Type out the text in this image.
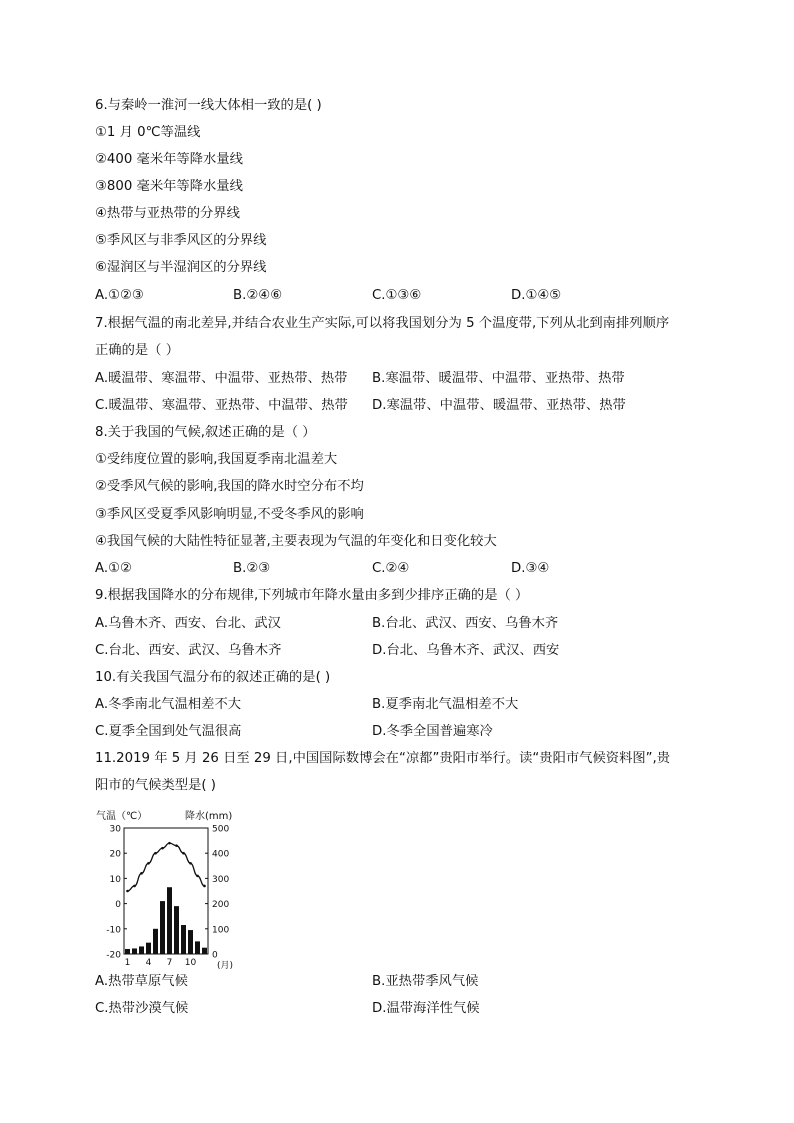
6.与秦岭一淮河一线大体相一致的是( )
①1 月 0℃等温线
②400 毫米年等降水量线
③800 毫米年等降水量线
④热带与亚热带的分界线
⑤季风区与非季风区的分界线
⑥湿润区与半湿润区的分界线
A.①②③	B.②④⑥	C.①③⑥	D.①④⑤
7.根据气温的南北差异,并结合农业生产实际,可以将我国划分为 5 个温度带,下列从北到南排列顺序
正确的是（ ）
A.暖温带、寒温带、中温带、亚热带、热带 B.寒温带、暖温带、中温带、亚热带、热带
C.暖温带、寒温带、亚热带、中温带、热带 D.寒温带、中温带、暖温带、亚热带、热带
8.关于我国的气候,叙述正确的是（ ）
①受纬度位置的影响,我国夏季南北温差大
②受季风气候的影响,我国的降水时空分布不均
③季风区受夏季风影响明显,不受冬季风的影响
④我国气候的大陆性特征显著,主要表现为气温的年变化和日变化较大
A.①②	B.②③	C.②④	D.③④
9.根据我国降水的分布规律,下列城市年降水量由多到少排序正确的是（ ）
A.乌鲁木齐、西安、台北、武汉	B.台北、武汉、西安、乌鲁木齐
C.台北、西安、武汉、乌鲁木齐	D.台北、乌鲁木齐、武汉、西安
10.有关我国气温分布的叙述正确的是( )
A.冬季南北气温相差不大	B.夏季南北气温相差不大
C.夏季全国到处气温很高	D.冬季全国普遍寒冷
11.2019 年 5 月 26 日至 29 日,中国国际数博会在“凉都”贵阳市举行。读“贵阳市气候资料图”,贵
阳市的气候类型是( )
气温（℃）	降水(mm)
-20
-10
0
10
20
30
0
100
200
300
400
500
1 4 7 10 (月)
A.热带草原气候	B.亚热带季风气候
C.热带沙漠气候	D.温带海洋性气候
